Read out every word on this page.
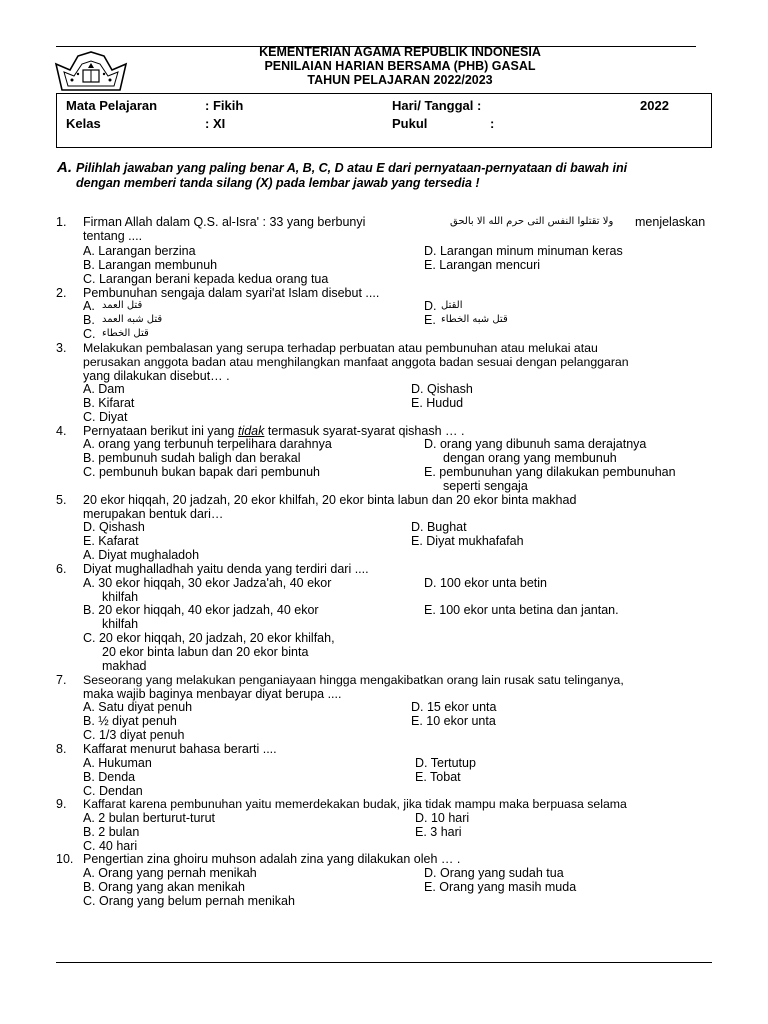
KEMENTERIAN AGAMA REPUBLIK INDONESIA
PENILAIAN HARIAN BERSAMA (PHB) GASAL
TAHUN PELAJARAN 2022/2023
Mata Pelajaran	: Fikih	Hari/ Tanggal :	2022
Kelas	: XI	Pukul	:
A. Pilihlah jawaban yang paling benar A, B, C, D atau E dari pernyataan-pernyataan di bawah ini
dengan memberi tanda silang (X) pada lembar jawab yang tersedia !
1. Firman Allah dalam Q.S. al-Isra' : 33 yang berbunyi	ولا تقتلوا النفس التى حرم الله الا بالحق menjelaskan
tentang ....
A. Larangan berzina
B. Larangan membunuh
C. Larangan berani kepada kedua orang tua
D. Larangan minum minuman keras
E. Larangan mencuri
2. Pembunuhan sengaja dalam syari'at Islam disebut ....
A. قتل العمد
B. قتل شبه العمد
C. قتل الخطاء
D. القتل
E. قتل شبه الخطاء
3. Melakukan pembalasan yang serupa terhadap perbuatan atau pembunuhan atau melukai atau
perusakan anggota badan atau menghilangkan manfaat anggota badan sesuai dengan pelanggaran
yang dilakukan disebut… .
A. Dam
B. Kifarat
C. Diyat
D. Qishash
E. Hudud
4. Pernyataan berikut ini yang tidak termasuk syarat-syarat qishash … .
A. orang yang terbunuh terpelihara darahnya
B. pembunuh sudah baligh dan berakal
C. pembunuh bukan bapak dari pembunuh
D. orang yang dibunuh sama derajatnya
dengan orang yang membunuh
E. pembunuhan yang dilakukan pembunuhan
seperti sengaja
5. 20 ekor hiqqah, 20 jadzah, 20 ekor khilfah, 20 ekor binta labun dan 20 ekor binta makhad
merupakan bentuk dari…
D. Qishash
E. Kafarat
A. Diyat mughaladoh
D. Bughat
E. Diyat mukhafafah
6. Diyat mughalladhah yaitu denda yang terdiri dari ....
A. 30 ekor hiqqah, 30 ekor Jadza'ah, 40 ekor
khilfah
B. 20 ekor hiqqah, 40 ekor jadzah, 40 ekor
khilfah
C. 20 ekor hiqqah, 20 jadzah, 20 ekor khilfah,
20 ekor binta labun dan 20 ekor binta
makhad
D. 100 ekor unta betin
E. 100 ekor unta betina dan jantan.
7. Seseorang yang melakukan penganiayaan hingga mengakibatkan orang lain rusak satu telinganya,
maka wajib baginya menbayar diyat berupa ....
A. Satu diyat penuh
B. ½ diyat penuh
C. 1/3 diyat penuh
D. 15 ekor unta
E. 10 ekor unta
8. Kaffarat menurut bahasa berarti ....
A. Hukuman
B. Denda
C. Dendan
D. Tertutup
E. Tobat
9. Kaffarat karena pembunuhan yaitu memerdekakan budak, jika tidak mampu maka berpuasa selama
A. 2 bulan berturut-turut
B. 2 bulan
C. 40 hari
D. 10 hari
E. 3 hari
10. Pengertian zina ghoiru muhson adalah zina yang dilakukan oleh … .
A. Orang yang pernah menikah
B. Orang yang akan menikah
C. Orang yang belum pernah menikah
D. Orang yang sudah tua
E. Orang yang masih muda
